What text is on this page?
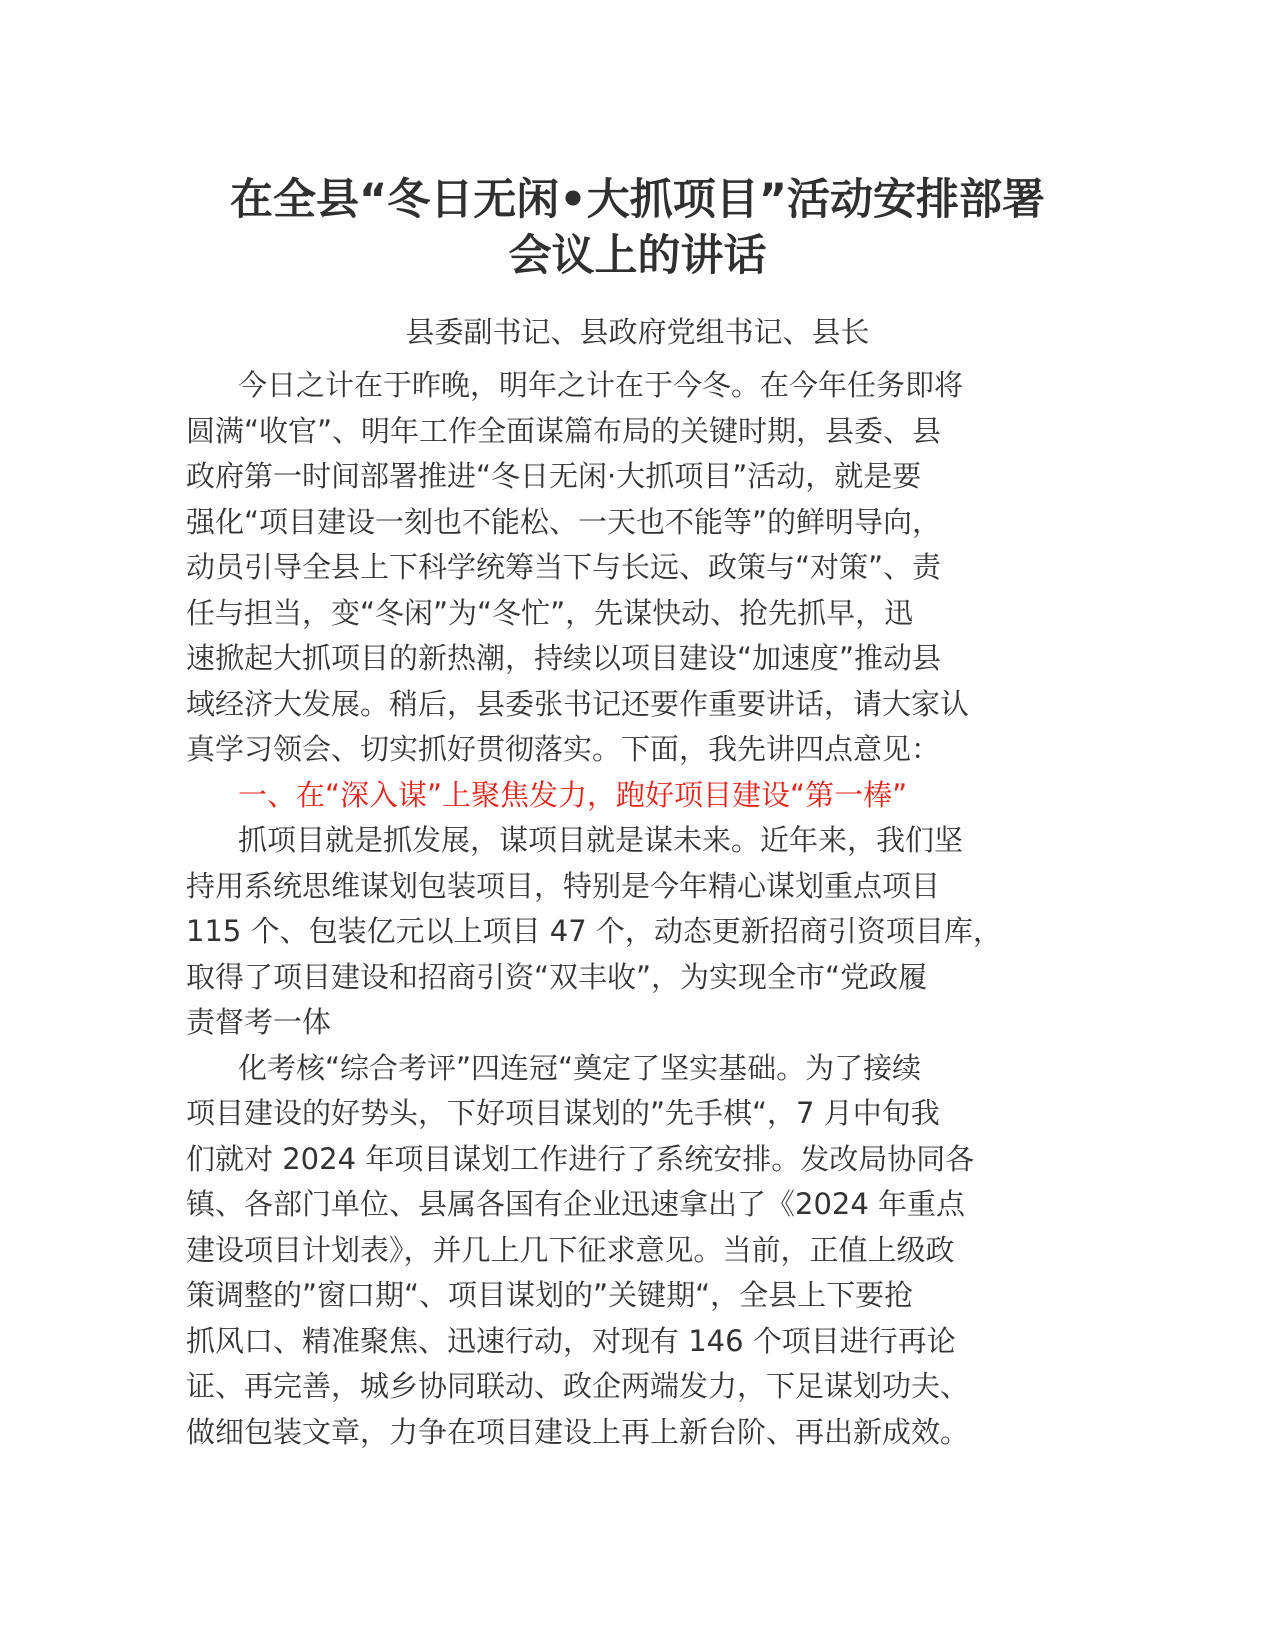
在全县“冬日无闲•大抓项目”活动安排部署
会议上的讲话

县委副书记、县政府党组书记、县长

今日之计在于昨晚，明年之计在于今冬。在今年任务即将
圆满“收官”、明年工作全面谋篇布局的关键时期，县委、县
政府第一时间部署推进“冬日无闲·大抓项目”活动，就是要
强化“项目建设一刻也不能松、一天也不能等”的鲜明导向，
动员引导全县上下科学统筹当下与长远、政策与“对策”、责
任与担当，变“冬闲”为“冬忙”，先谋快动、抢先抓早，迅
速掀起大抓项目的新热潮，持续以项目建设“加速度”推动县
域经济大发展。稍后，县委张书记还要作重要讲话，请大家认
真学习领会、切实抓好贯彻落实。下面，我先讲四点意见：

一、在“深入谋”上聚焦发力，跑好项目建设“第一棒”

抓项目就是抓发展，谋项目就是谋未来。近年来，我们坚
持用系统思维谋划包装项目，特别是今年精心谋划重点项目
115 个、包装亿元以上项目 47 个，动态更新招商引资项目库，
取得了项目建设和招商引资“双丰收”，为实现全市“党政履
责督考一体

化考核“综合考评”四连冠“奠定了坚实基础。为了接续
项目建设的好势头，下好项目谋划的”先手棋“，7 月中旬我
们就对 2024 年项目谋划工作进行了系统安排。发改局协同各
镇、各部门单位、县属各国有企业迅速拿出了《2024 年重点
建设项目计划表》，并几上几下征求意见。当前，正值上级政
策调整的”窗口期“、项目谋划的”关键期“，全县上下要抢
抓风口、精准聚焦、迅速行动，对现有 146 个项目进行再论
证、再完善，城乡协同联动、政企两端发力，下足谋划功夫、
做细包装文章，力争在项目建设上再上新台阶、再出新成效。
